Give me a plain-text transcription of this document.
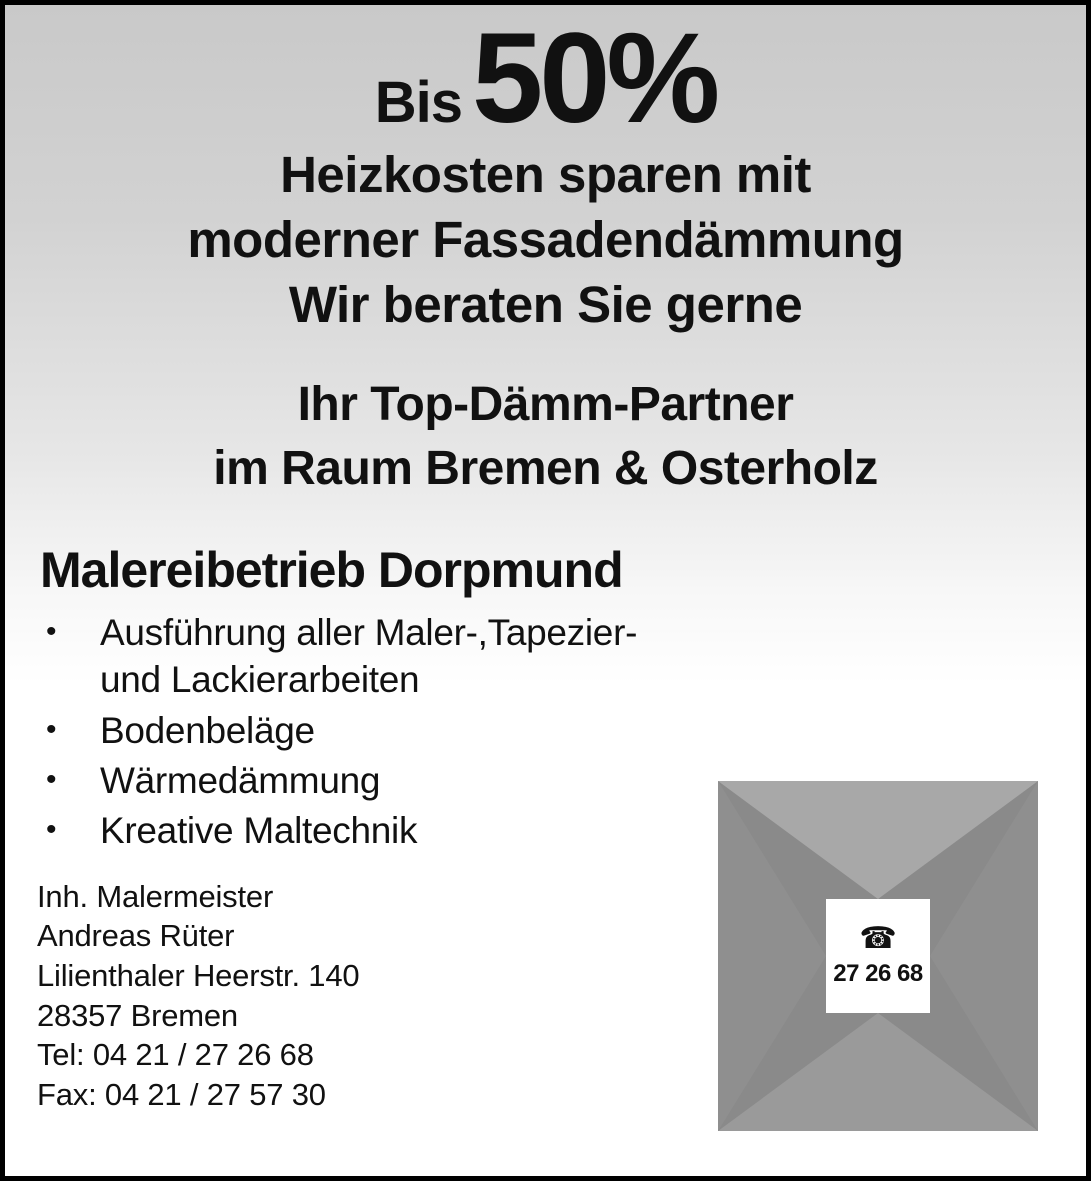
Bis 50%
Heizkosten sparen mit
moderner Fassadendämmung
Wir beraten Sie gerne
Ihr Top-Dämm-Partner
im Raum Bremen & Osterholz
Malereibetrieb Dorpmund
• Ausführung aller Maler-,Tapezier-
und Lackierarbeiten
• Bodenbeläge
• Wärmedämmung
• Kreative Maltechnik
Inh. Malermeister
Andreas Rüter
Lilienthaler Heerstr. 140
28357 Bremen
Tel: 04 21 / 27 26 68
Fax: 04 21 / 27 57 30
☎
27 26 68
